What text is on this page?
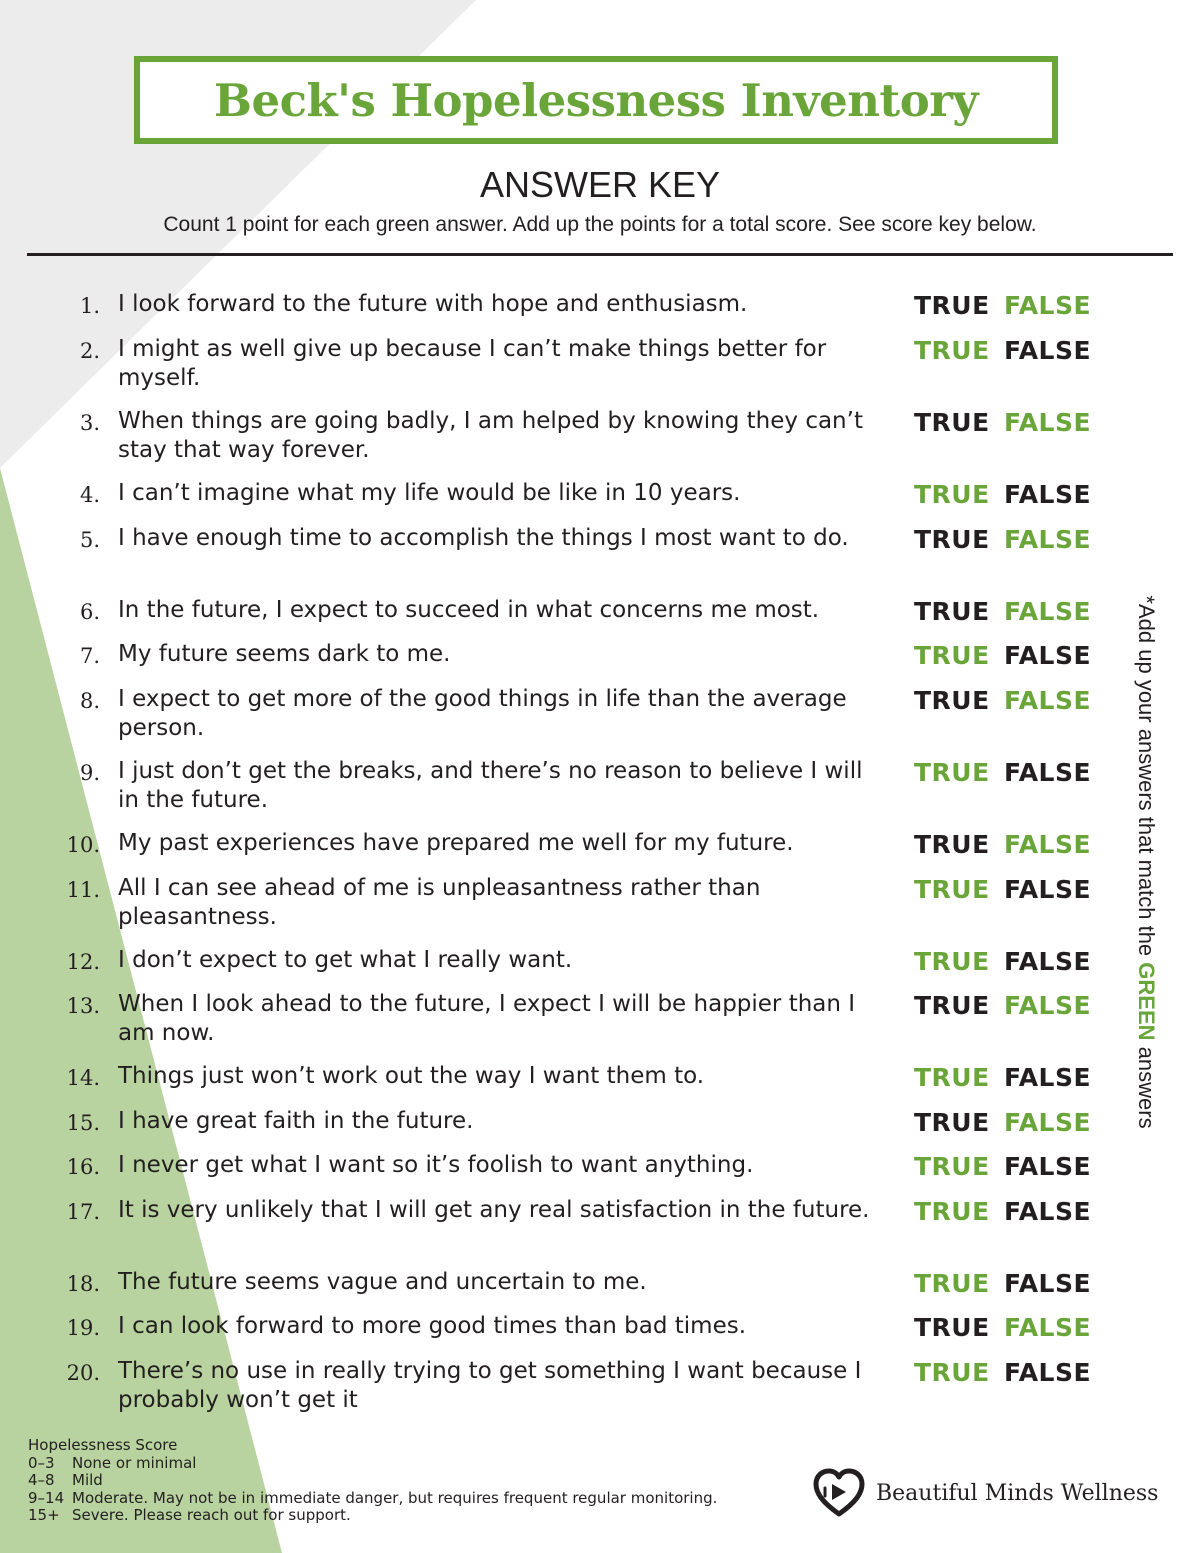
Beck's Hopelessness Inventory
ANSWER KEY
Count 1 point for each green answer. Add up the points for a total score. See score key below.
1. I look forward to the future with hope and enthusiasm.	TRUE FALSE
2. I might as well give up because I can’t make things better for myself.
TRUE FALSE
3. When things are going badly, I am helped by knowing they can’t stay that way forever.
TRUE FALSE
4. I can’t imagine what my life would be like in 10 years.	TRUE FALSE
5. I have enough time to accomplish the things I most want to do.	TRUE FALSE
6. In the future, I expect to succeed in what concerns me most.	TRUE FALSE
7. My future seems dark to me.	TRUE FALSE
8. I expect to get more of the good things in life than the average person.
TRUE FALSE
9. I just don’t get the breaks, and there’s no reason to believe I will in the future.
TRUE FALSE
10. My past experiences have prepared me well for my future.	TRUE FALSE
11. All I can see ahead of me is unpleasantness rather than pleasantness.
TRUE FALSE
12. I don’t expect to get what I really want.	TRUE FALSE
13. When I look ahead to the future, I expect I will be happier than I am now.
TRUE FALSE
14. Things just won’t work out the way I want them to.	TRUE FALSE
15. I have great faith in the future.	TRUE FALSE
16. I never get what I want so it’s foolish to want anything.	TRUE FALSE
17. It is very unlikely that I will get any real satisfaction in the future.	TRUE FALSE
18. The future seems vague and uncertain to me.	TRUE FALSE
19. I can look forward to more good times than bad times.	TRUE FALSE
20. There’s no use in really trying to get something I want because I probably won’t get it
TRUE FALSE
*Add up your answers that match the GREEN answers
Hopelessness Score
0–3 None or minimal
4–8 Mild
9–14 Moderate. May not be in immediate danger, but requires frequent regular monitoring.
15+ Severe. Please reach out for support.
Beautiful Minds Wellness
